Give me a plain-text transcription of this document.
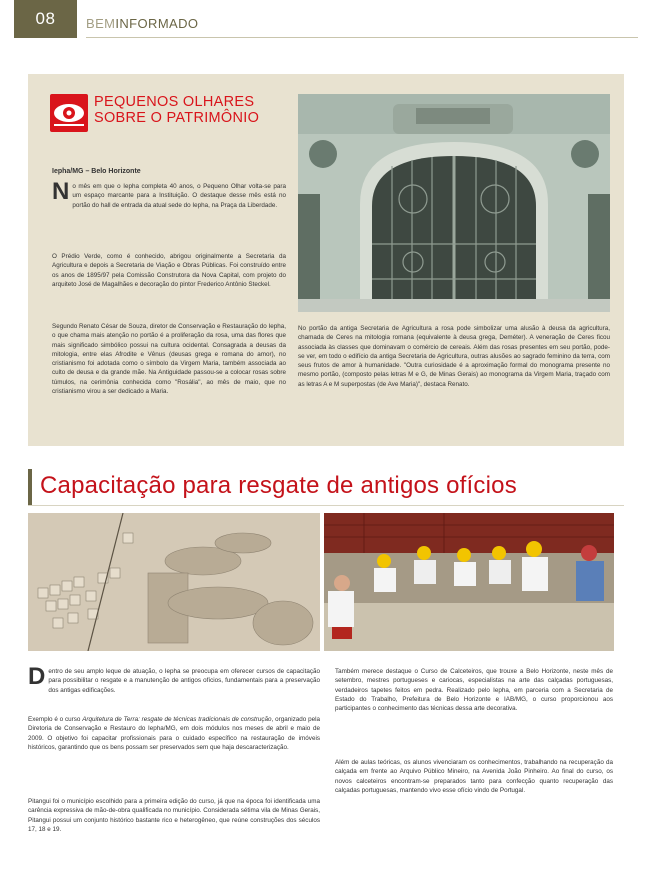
08	BEMINFORMADO
PEQUENOS OLHARES
SOBRE O PATRIMÔNIO
Iepha/MG – Belo Horizonte
No mês em que o Iepha completa 40 anos, o Pequeno Olhar volta-se para um espaço marcante para a Instituição. O destaque desse mês está no portão do hall de entrada da atual sede do Iepha, na Praça da Liberdade.
O Prédio Verde, como é conhecido, abrigou originalmente a Secretaria da Agricultura e depois a Secretaria de Viação e Obras Públicas. Foi construído entre os anos de 1895/97 pela Comissão Construtora da Nova Capital, com projeto do arquiteto José de Magalhães e decoração do pintor Frederico Antônio Steckel.
Segundo Renato César de Souza, diretor de Conservação e Restauração do Iepha, o que chama mais atenção no portão é a proliferação da rosa, uma das flores que mais significado simbólico possui na cultura ocidental. Consagrada a deusas da mitologia, entre elas Afrodite e Vênus (deusas grega e romana do amor), no cristianismo foi adotada como o símbolo da Virgem Maria, também associada ao culto de deusa e da grande mãe. Na Antiguidade passou-se a colocar rosas sobre túmulos, na cerimônia conhecida como "Rosália", ao mês de maio, que no cristianismo virou a ser dedicado a Maria.
No portão da antiga Secretaria de Agricultura a rosa pode simbolizar uma alusão à deusa da agricultura, chamada de Ceres na mitologia romana (equivalente à deusa grega, Deméter). A veneração de Ceres ficou associada às classes que dominavam o comércio de cereais. Além das rosas presentes em seu portão, pode-se ver, em todo o edifício da antiga Secretaria de Agricultura, outras alusões ao sagrado feminino da terra, com seus frutos de amor à humanidade. "Outra curiosidade é a aproximação formal do monograma presente no mesmo portão, (composto pelas letras M e G, de Minas Gerais) ao monograma da Virgem Maria, traçado com as letras A e M superpostas (de Ave Maria)", destaca Renato.
Capacitação para resgate de antigos ofícios
Dentro de seu amplo leque de atuação, o Iepha se preocupa em oferecer cursos de capacitação para possibilitar o resgate e a manutenção de antigos ofícios, fundamentais para a preservação dos antigas edificações.
Exemplo é o curso Arquitetura de Terra: resgate de técnicas tradicionais de construção, organizado pela Diretoria de Conservação e Restauro do Iepha/MG, em dois módulos nos meses de abril e maio de 2009. O objetivo foi capacitar profissionais para o cuidado específico na restauração de imóveis históricos, garantindo que os bens possam ser preservados sem que haja descaracterização.
Pitangui foi o município escolhido para a primeira edição do curso, já que na época foi identificada uma carência expressiva de mão-de-obra qualificada no município. Considerada sétima vila de Minas Gerais, Pitangui possui um conjunto histórico bastante rico e heterogêneo, que reúne construções dos séculos 17, 18 e 19.
Também merece destaque o Curso de Calceteiros, que trouxe a Belo Horizonte, neste mês de setembro, mestres portugueses e cariocas, especialistas na arte das calçadas portuguesas, verdadeiros tapetes feitos em pedra. Realizado pelo Iepha, em parceria com a Secretaria de Estado do Trabalho, Prefeitura de Belo Horizonte e IAB/MG, o curso proporcionou aos participantes o conhecimento das técnicas dessa arte decorativa.
Além de aulas teóricas, os alunos vivenciaram os conhecimentos, trabalhando na recuperação da calçada em frente ao Arquivo Público Mineiro, na Avenida João Pinheiro. Ao final do curso, os novos calceteiros encontram-se preparados tanto para confecção quanto recuperação das calçadas portuguesas, mantendo vivo esse ofício vindo de Portugal.
